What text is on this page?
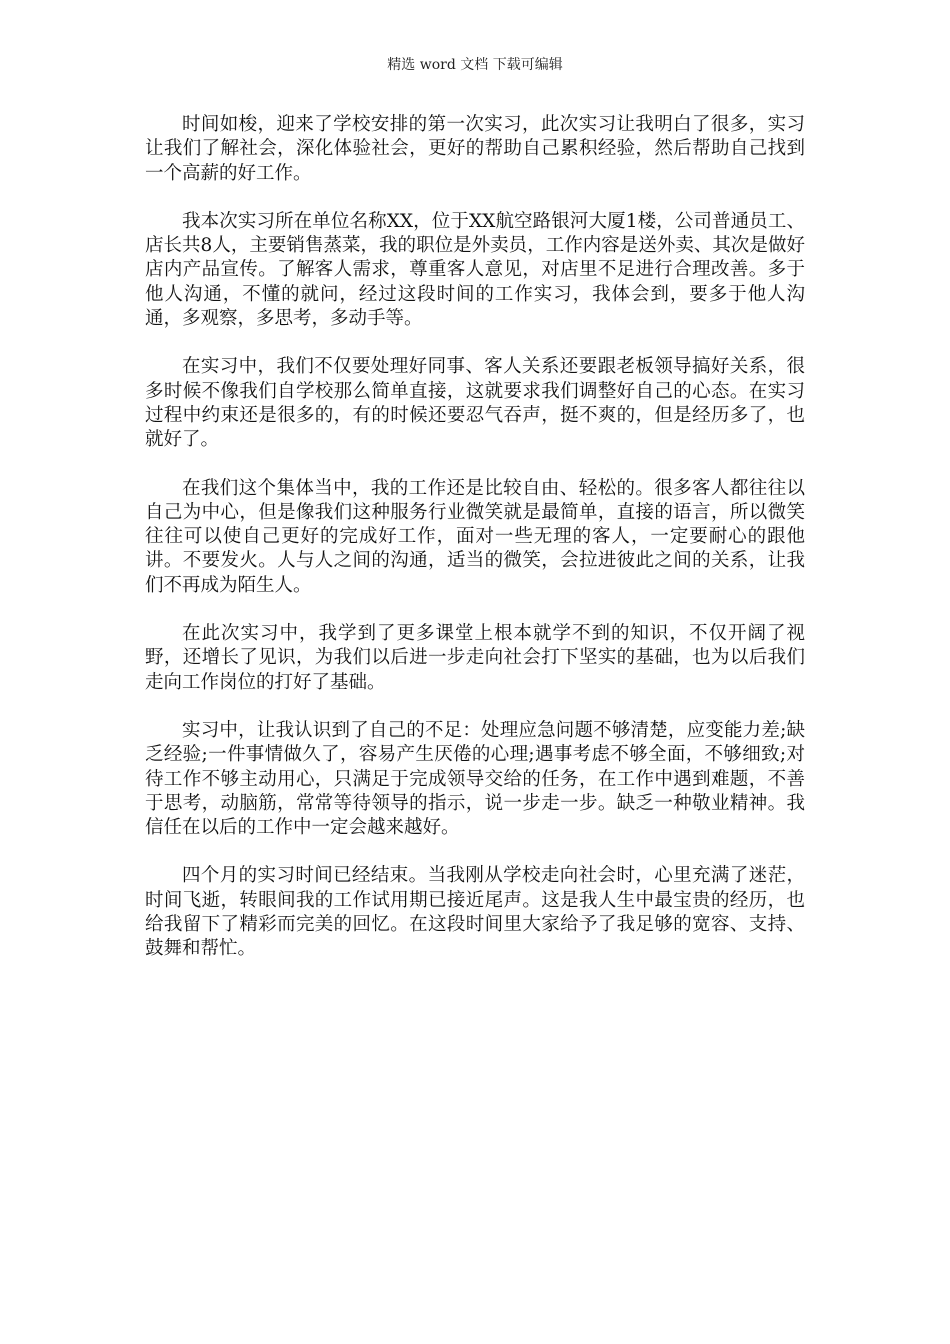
精选 word 文档 下载可编辑

时间如梭，迎来了学校安排的第一次实习，此次实习让我明白了很多，实习让我们了解社会，深化体验社会，更好的帮助自己累积经验，然后帮助自己找到一个高薪的好工作。

我本次实习所在单位名称XX，位于XX航空路银河大厦1楼，公司普通员工、店长共8人，主要销售蒸菜，我的职位是外卖员，工作内容是送外卖、其次是做好店内产品宣传。了解客人需求，尊重客人意见，对店里不足进行合理改善。多于他人沟通，不懂的就问，经过这段时间的工作实习，我体会到，要多于他人沟通，多观察，多思考，多动手等。

在实习中，我们不仅要处理好同事、客人关系还要跟老板领导搞好关系，很多时候不像我们自学校那么简单直接，这就要求我们调整好自己的心态。在实习过程中约束还是很多的，有的时候还要忍气吞声，挺不爽的，但是经历多了，也就好了。

在我们这个集体当中，我的工作还是比较自由、轻松的。很多客人都往往以自己为中心，但是像我们这种服务行业微笑就是最简单，直接的语言，所以微笑往往可以使自己更好的完成好工作，面对一些无理的客人，一定要耐心的跟他讲。不要发火。人与人之间的沟通，适当的微笑，会拉进彼此之间的关系，让我们不再成为陌生人。

在此次实习中，我学到了更多课堂上根本就学不到的知识，不仅开阔了视野，还增长了见识，为我们以后进一步走向社会打下坚实的基础，也为以后我们走向工作岗位的打好了基础。

实习中，让我认识到了自己的不足：处理应急问题不够清楚，应变能力差;缺乏经验;一件事情做久了，容易产生厌倦的心理;遇事考虑不够全面，不够细致;对待工作不够主动用心，只满足于完成领导交给的任务，在工作中遇到难题，不善于思考，动脑筋，常常等待领导的指示，说一步走一步。缺乏一种敬业精神。我信任在以后的工作中一定会越来越好。

四个月的实习时间已经结束。当我刚从学校走向社会时，心里充满了迷茫，时间飞逝，转眼间我的工作试用期已接近尾声。这是我人生中最宝贵的经历，也给我留下了精彩而完美的回忆。在这段时间里大家给予了我足够的宽容、支持、鼓舞和帮忙。
